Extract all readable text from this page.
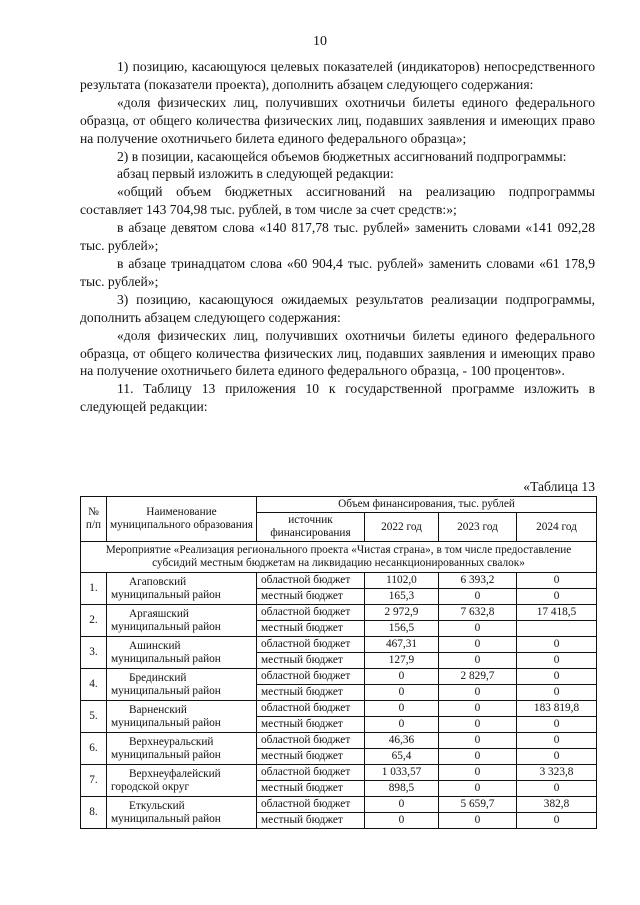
10

1) позицию, касающуюся целевых показателей (индикаторов) непосредственного результата (показатели проекта), дополнить абзацем следующего содержания:

«доля физических лиц, получивших охотничьи билеты единого федерального образца, от общего количества физических лиц, подавших заявления и имеющих право на получение охотничьего билета единого федерального образца»;

2) в позиции, касающейся объемов бюджетных ассигнований подпрограммы:

абзац первый изложить в следующей редакции:

«общий объем бюджетных ассигнований на реализацию подпрограммы составляет 143 704,98 тыс. рублей, в том числе за счет средств:»;

в абзаце девятом слова «140 817,78 тыс. рублей» заменить словами «141 092,28 тыс. рублей»;

в абзаце тринадцатом слова «60 904,4 тыс. рублей» заменить словами «61 178,9 тыс. рублей»;

3) позицию, касающуюся ожидаемых результатов реализации подпрограммы, дополнить абзацем следующего содержания:

«доля физических лиц, получивших охотничьи билеты единого федерального образца, от общего количества физических лиц, подавших заявления и имеющих право на получение охотничьего билета единого федерального образца, - 100 процентов».

11. Таблицу 13 приложения 10 к государственной программе изложить в следующей редакции:

«Таблица 13
№ п/п	Наименование муниципального образования	Объем финансирования, тыс. рублей			
		источник финансирования	2022 год	2023 год	2024 год
Мероприятие «Реализация регионального проекта «Чистая страна», в том числе предоставление субсидий местным бюджетам на ликвидацию несанкционированных свалок»					
1.	Агаповский
муниципальный район	областной бюджет	1102,0	6 393,2	0
		местный бюджет	165,3	0	0
2.	Аргаяшский
муниципальный район	областной бюджет	2 972,9	7 632,8	17 418,5
		местный бюджет	156,5	0	
3.	Ашинский
муниципальный район	областной бюджет	467,31	0	0
		местный бюджет	127,9	0	0
4.	Брединский
муниципальный район	областной бюджет	0	2 829,7	0
		местный бюджет	0	0	0
5.	Варненский
муниципальный район	областной бюджет	0	0	183 819,8
		местный бюджет	0	0	0
6.	Верхнеуральский
муниципальный район	областной бюджет	46,36	0	0
		местный бюджет	65,4	0	0
7.	Верхнеуфалейский
городской округ	областной бюджет	1 033,57	0	3 323,8
		местный бюджет	898,5	0	0
8.	Еткульский
муниципальный район	областной бюджет	0	5 659,7	382,8
		местный бюджет	0	0	0
